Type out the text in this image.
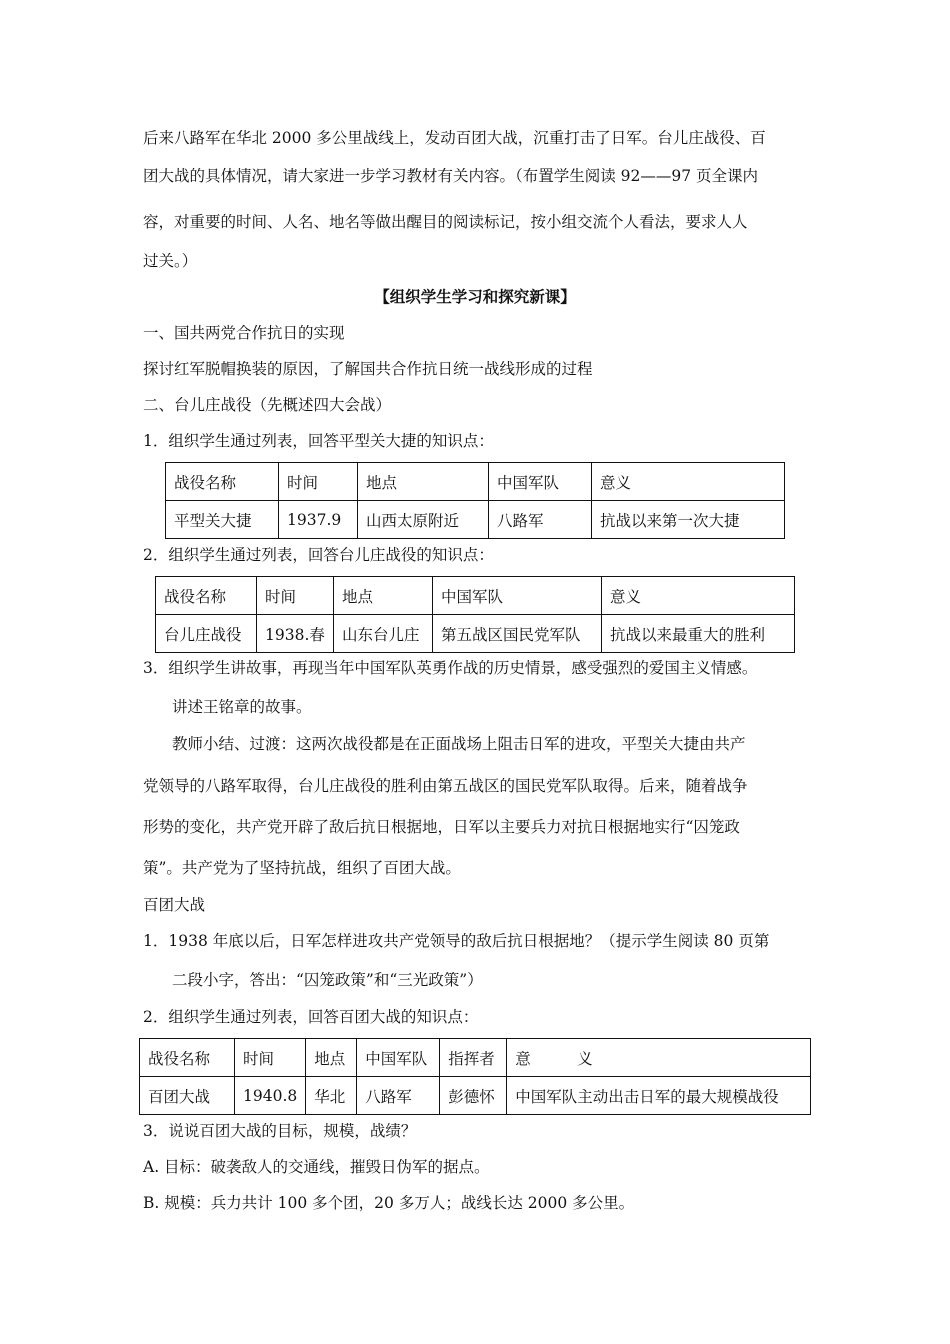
后来八路军在华北 2000 多公里战线上，发动百团大战，沉重打击了日军。台儿庄战役、百
团大战的具体情况，请大家进一步学习教材有关内容。（布置学生阅读 92——97 页全课内
容，对重要的时间、人名、地名等做出醒目的阅读标记，按小组交流个人看法，要求人人
过关。）
【组织学生学习和探究新课】
一、国共两党合作抗日的实现
探讨红军脱帽换装的原因，了解国共合作抗日统一战线形成的过程
二、台儿庄战役（先概述四大会战）
1．组织学生通过列表，回答平型关大捷的知识点：
战役名称	时间	地点	中国军队	意义
平型关大捷	1937.9	山西太原附近	八路军	抗战以来第一次大捷
2．组织学生通过列表，回答台儿庄战役的知识点：
战役名称	时间	地点	中国军队	意义
台儿庄战役	1938.春	山东台儿庄	第五战区国民党军队	抗战以来最重大的胜利
3．组织学生讲故事，再现当年中国军队英勇作战的历史情景，感受强烈的爱国主义情感。
讲述王铭章的故事。
教师小结、过渡：这两次战役都是在正面战场上阻击日军的进攻，平型关大捷由共产
党领导的八路军取得，台儿庄战役的胜利由第五战区的国民党军队取得。后来，随着战争
形势的变化，共产党开辟了敌后抗日根据地，日军以主要兵力对抗日根据地实行“囚笼政
策”。共产党为了坚持抗战，组织了百团大战。
百团大战
1．1938 年底以后，日军怎样进攻共产党领导的敌后抗日根据地？（提示学生阅读 80 页第
二段小字，答出：“囚笼政策”和“三光政策”）
2．组织学生通过列表，回答百团大战的知识点：
战役名称	时间	地点	中国军队	指挥者	意　　　义
百团大战	1940.8	华北	八路军	彭德怀	中国军队主动出击日军的最大规模战役
3．说说百团大战的目标，规模，战绩？
A. 目标：破袭敌人的交通线，摧毁日伪军的据点。
B. 规模：兵力共计 100 多个团，20 多万人；战线长达 2000 多公里。
